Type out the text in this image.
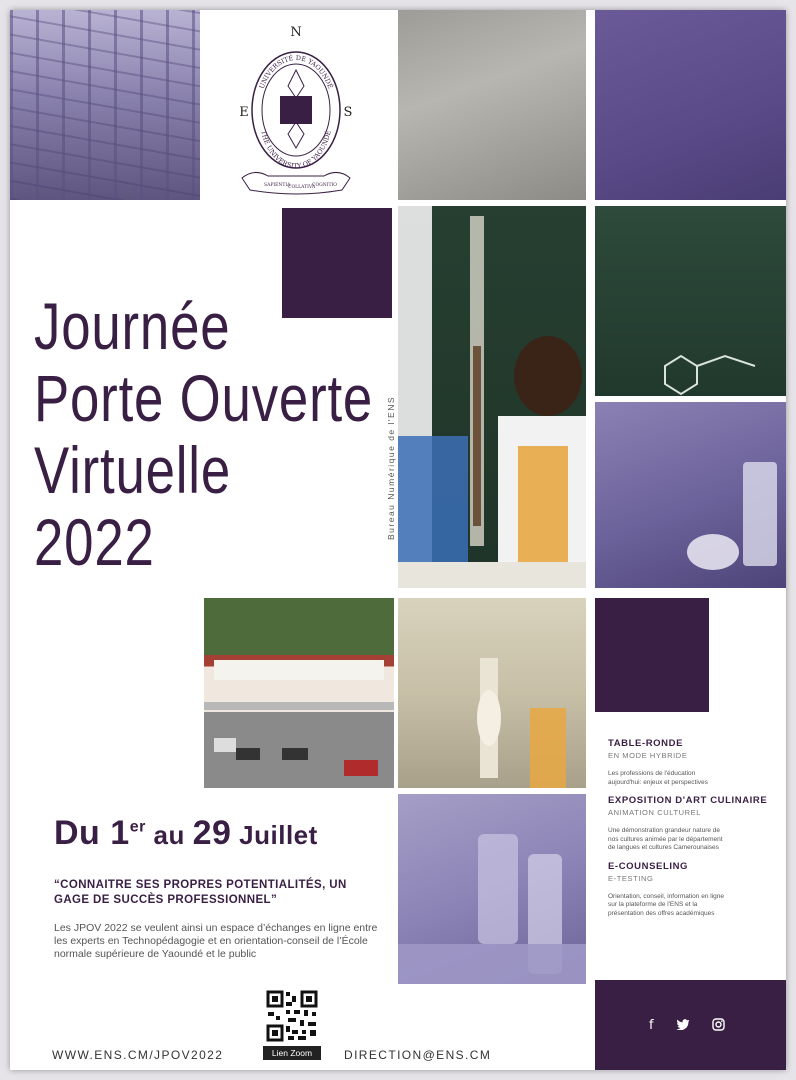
N
E	S
UNIVERSITÉ DE YAOUNDÉ
THE UNIVERSITY OF YAOUNDÉ
SAPIENTIA
COLLATIVA
COGNITIO
Journée
Porte Ouverte
Virtuelle
2022
Bureau Numérique de l'ENS
Du 1er au 29 Juillet
“CONNAITRE SES PROPRES POTENTIALITÉS, UN GAGE DE SUCCÈS PROFESSIONNEL”
Les JPOV 2022 se veulent ainsi un espace d’échanges en ligne entre les experts en Technopédagogie et en orientation-conseil de l’École normale supérieure de Yaoundé et le public
TABLE-RONDE
EN MODE HYBRIDE
Les professions de l'éducation aujourd'hui: enjeux et perspectives
EXPOSITION D'ART CULINAIRE
ANIMATION CULTUREL
Une démonstration grandeur nature de nos cultures animée par le département de langues et cultures Camerounaises
E-COUNSELING
E-TESTING
Orientation, conseil, information en ligne sur la plateforme de l'ENS et la présentation des offres académiques
f
Lien Zoom
WWW.ENS.CM/JPOV2022	DIRECTION@ENS.CM
